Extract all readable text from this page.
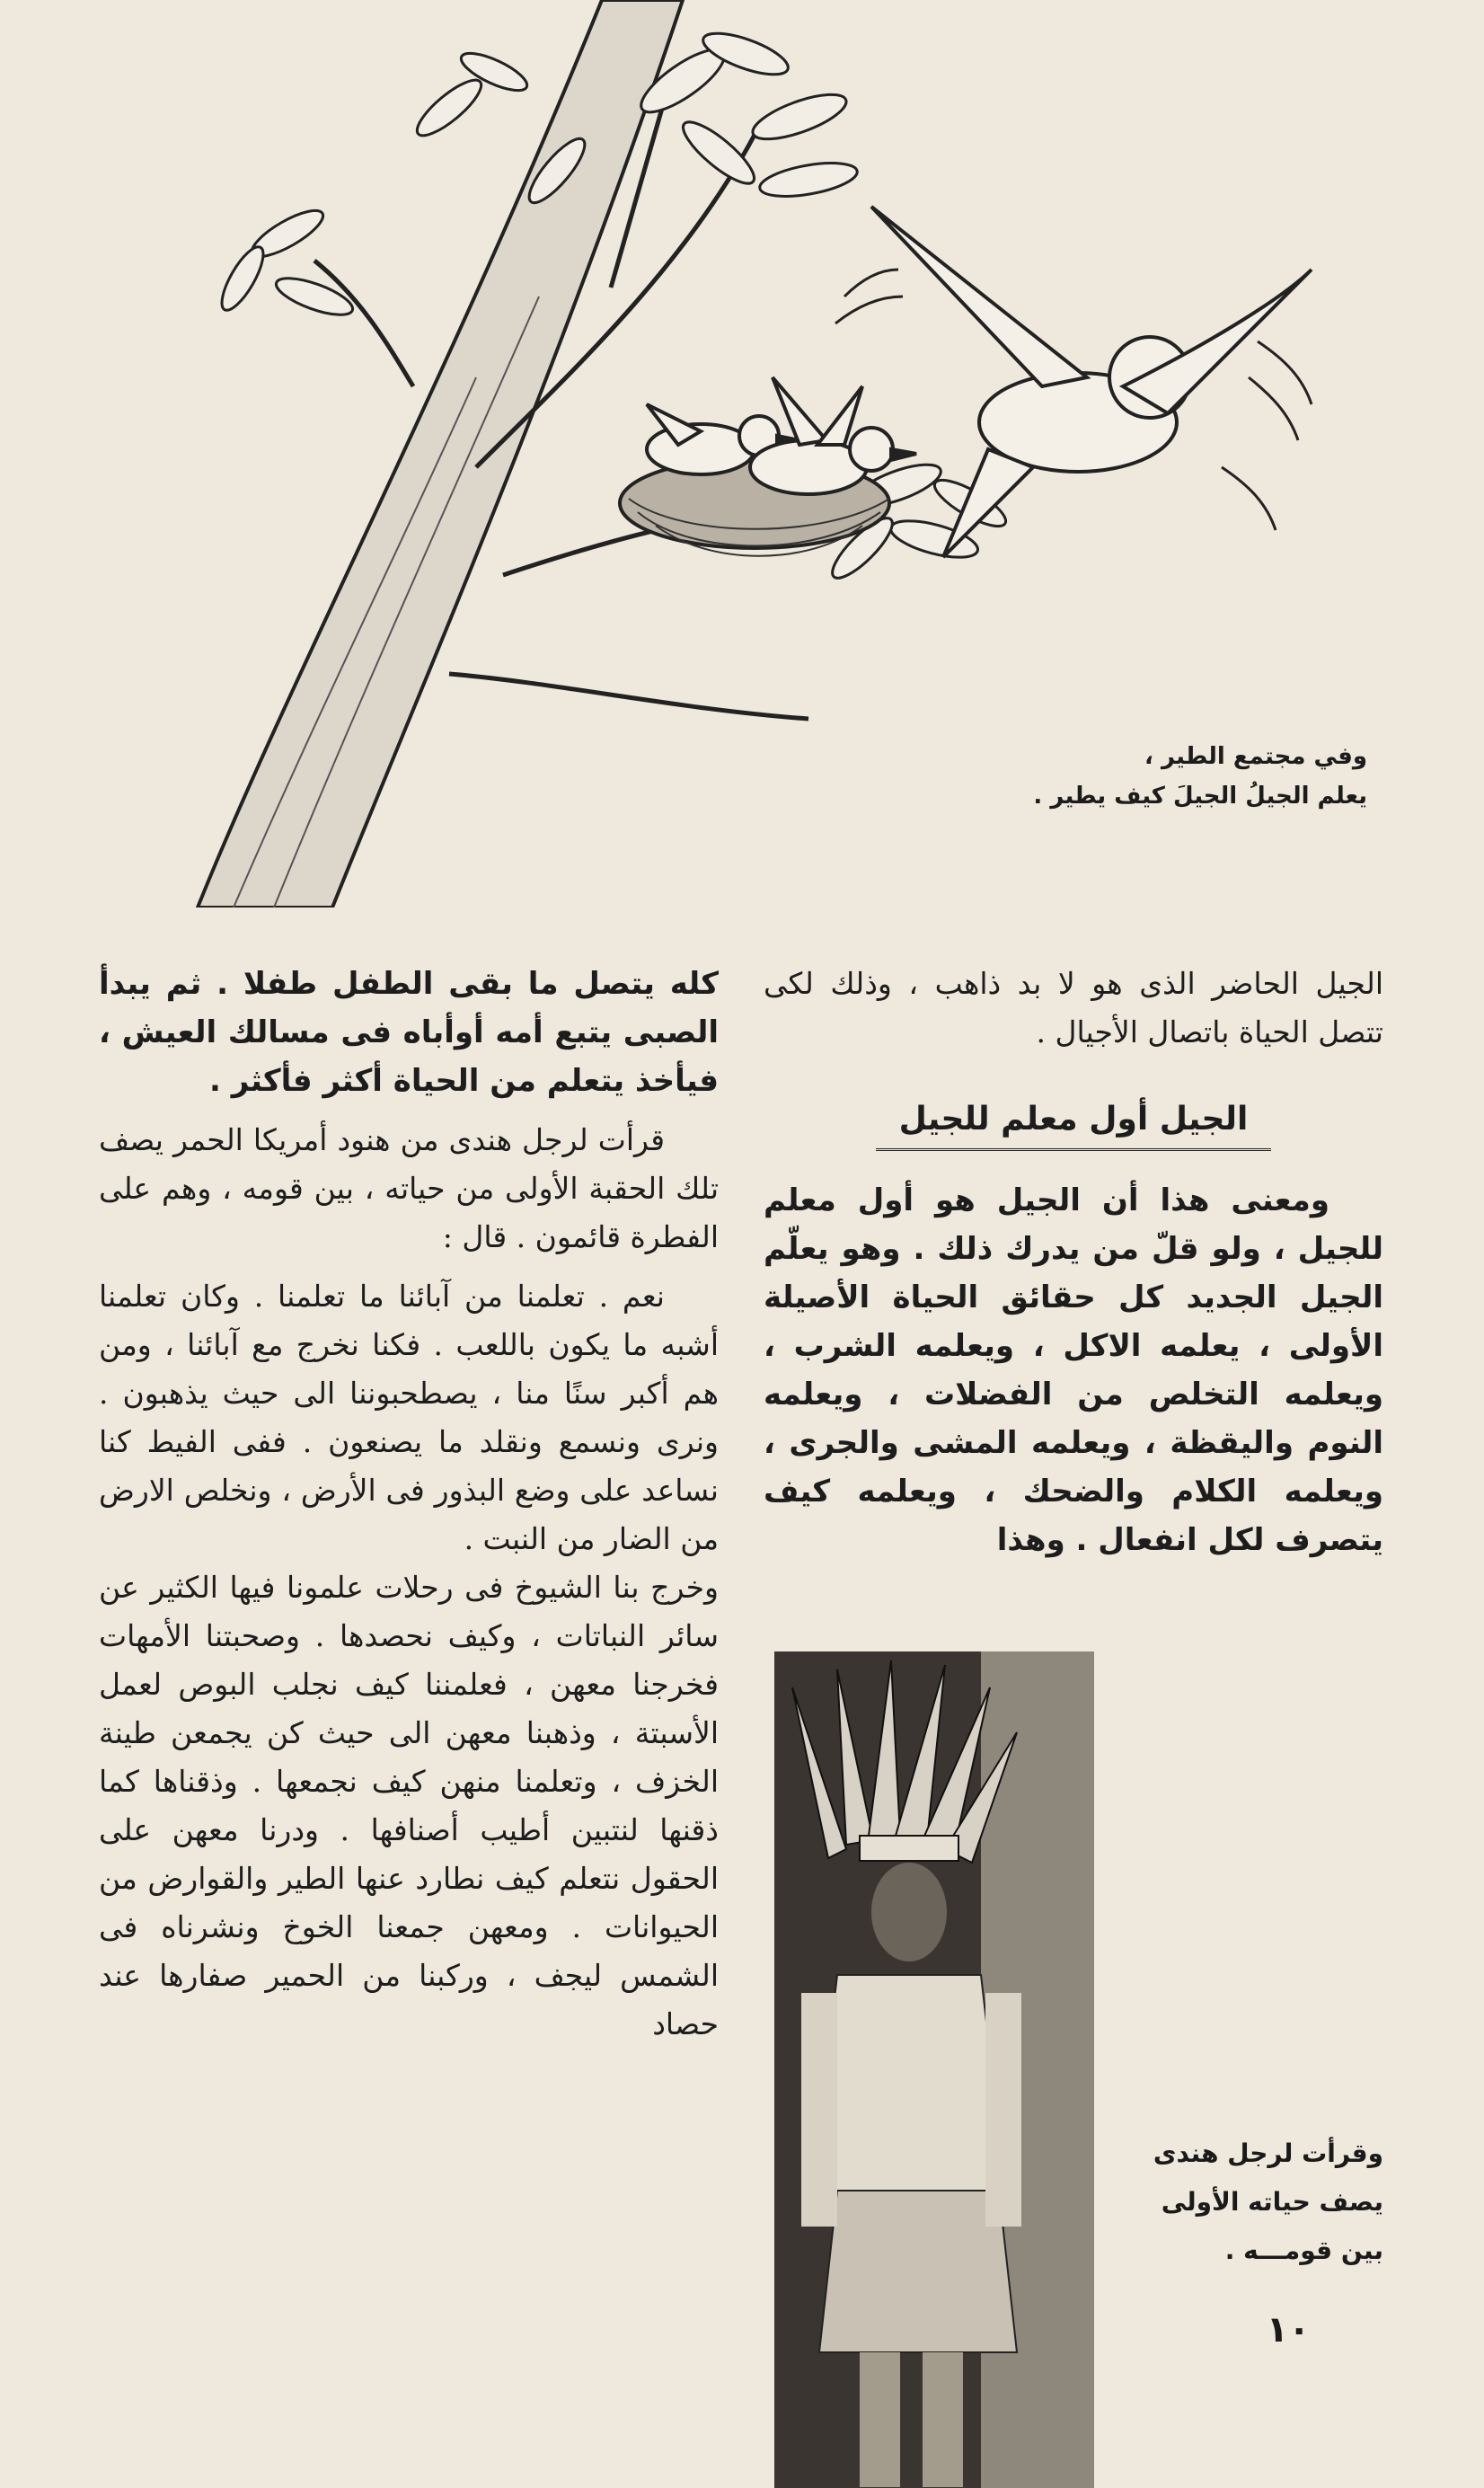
وفي مجتمع الطير ،
يعلم الجيلُ الجيلَ كيف يطير .

الجيل الحاضر الذى هو لا بد ذاهب ، وذلك لكى تتصل الحياة باتصال الأجيال .

الجيل أول معلم للجيل

ومعنى هذا أن الجيل هو أول معلم للجيل ، ولو قلّ من يدرك ذلك . وهو يعلّم الجيل الجديد كل حقائق الحياة الأصيلة الأولى ، يعلمه الاكل ، ويعلمه الشرب ، ويعلمه التخلص من الفضلات ، ويعلمه النوم واليقظة ، ويعلمه المشى والجرى ، ويعلمه الكلام والضحك ، ويعلمه كيف يتصرف لكل انفعال . وهذا

كله يتصل ما بقى الطفل طفلا . ثم يبدأ الصبى يتبع أمه أوأباه فى مسالك العيش ، فيأخذ يتعلم من الحياة أكثر فأكثر .

قرأت لرجل هندى من هنود أمريكا الحمر يصف تلك الحقبة الأولى من حياته ، بين قومه ، وهم على الفطرة قائمون . قال :

نعم . تعلمنا من آبائنا ما تعلمنا . وكان تعلمنا أشبه ما يكون باللعب . فكنا نخرج مع آبائنا ، ومن هم أكبر سنًا منا ، يصطحبوننا الى حيث يذهبون . ونرى ونسمع ونقلد ما يصنعون . ففى الفيط كنا نساعد على وضع البذور فى الأرض ، ونخلص الارض من الضار من النبت .

وخرج بنا الشيوخ فى رحلات علمونا فيها الكثير عن سائر النباتات ، وكيف نحصدها . وصحبتنا الأمهات فخرجنا معهن ، فعلمننا كيف نجلب البوص لعمل الأسبتة ، وذهبنا معهن الى حيث كن يجمعن طينة الخزف ، وتعلمنا منهن كيف نجمعها . وذقناها كما ذقنها لنتبين أطيب أصنافها . ودرنا معهن على الحقول نتعلم كيف نطارد عنها الطير والقوارض من الحيوانات . ومعهن جمعنا الخوخ ونشرناه فى الشمس ليجف ، وركبنا من الحمير صفارها عند حصاد

وقرأت لرجل هندى
يصف حياته الأولى
بين قومـــه .
١٠
